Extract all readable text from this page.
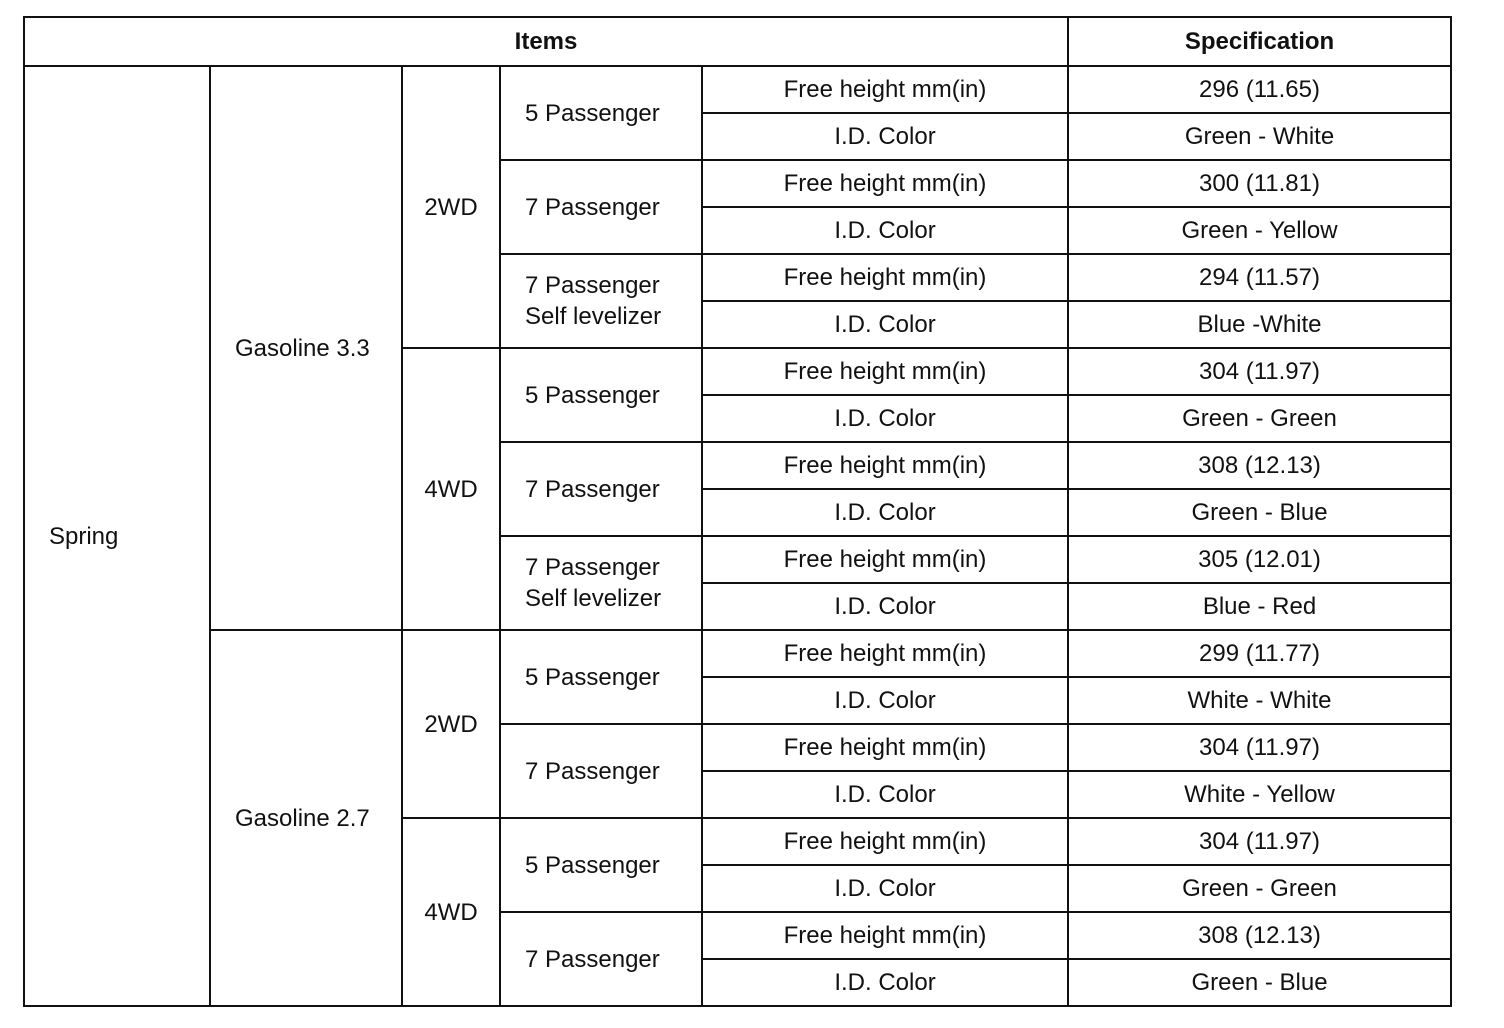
Items					Specification
Spring	Gasoline 3.3	2WD	5 Passenger	Free height mm(in)	296 (11.65)
				I.D. Color	Green - White

			7 Passenger	Free height mm(in)	300 (11.81)
				I.D. Color	Green - Yellow

			7 Passenger
Self levelizer	Free height mm(in)	294 (11.57)
				I.D. Color	Blue -White
		4WD	5 Passenger	Free height mm(in)	304 (11.97)
				I.D. Color	Green - Green

			7 Passenger	Free height mm(in)	308 (12.13)
				I.D. Color	Green - Blue

			7 Passenger
Self levelizer	Free height mm(in)	305 (12.01)
				I.D. Color	Blue - Red
	Gasoline 2.7	2WD	5 Passenger	Free height mm(in)	299 (11.77)
				I.D. Color	White - White

			7 Passenger	Free height mm(in)	304 (11.97)
				I.D. Color	White - Yellow
		4WD	5 Passenger	Free height mm(in)	304 (11.97)
				I.D. Color	Green - Green

			7 Passenger	Free height mm(in)	308 (12.13)
				I.D. Color	Green - Blue
